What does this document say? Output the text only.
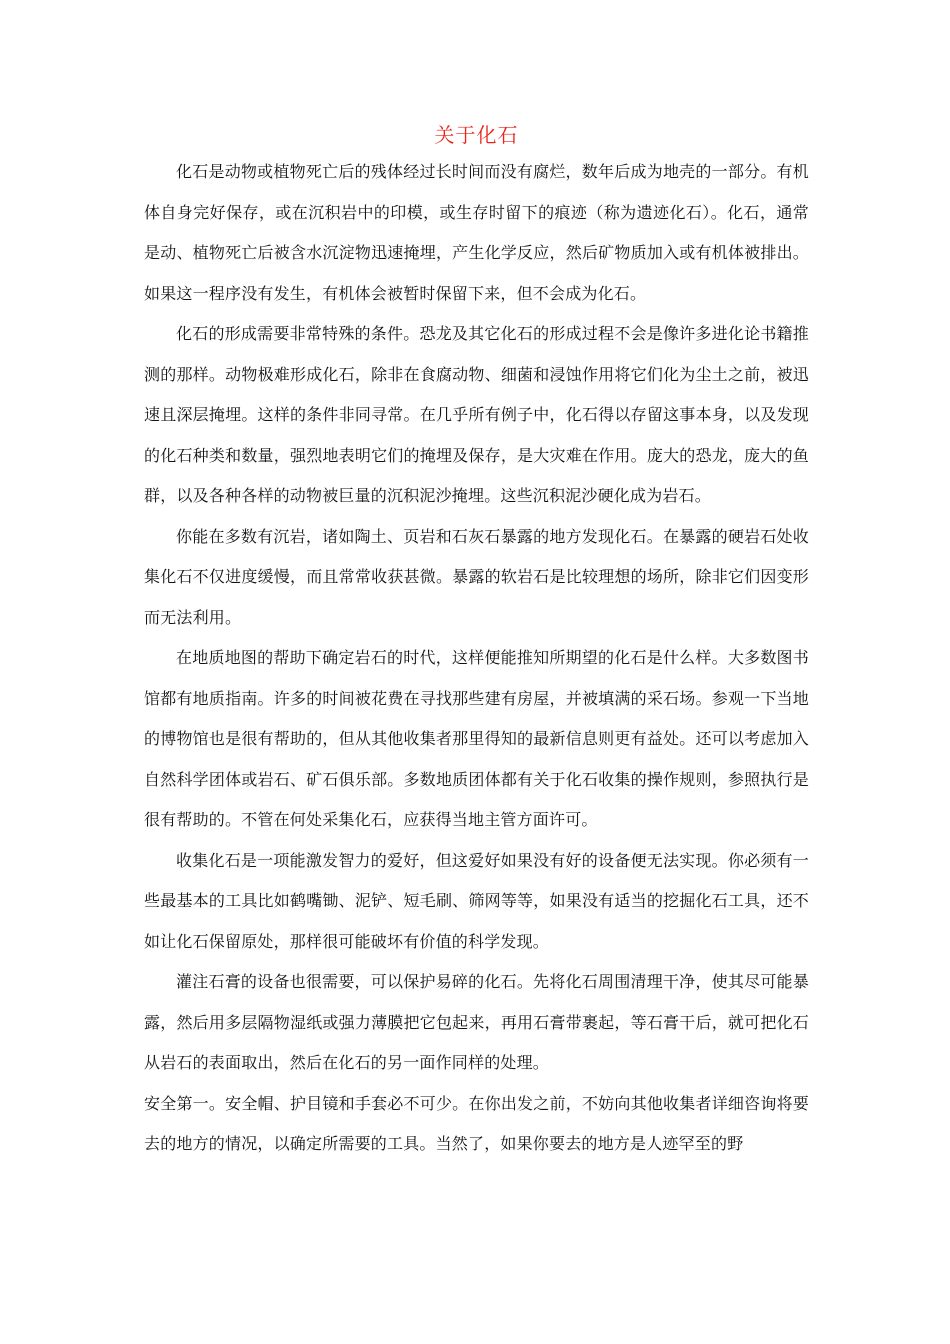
关于化石

化石是动物或植物死亡后的残体经过长时间而没有腐烂，数年后成为地壳的一部分。有机体自身完好保存，或在沉积岩中的印模，或生存时留下的痕迹（称为遗迹化石）。化石，通常是动、植物死亡后被含水沉淀物迅速掩埋，产生化学反应，然后矿物质加入或有机体被排出。如果这一程序没有发生，有机体会被暂时保留下来，但不会成为化石。

化石的形成需要非常特殊的条件。恐龙及其它化石的形成过程不会是像许多进化论书籍推测的那样。动物极难形成化石，除非在食腐动物、细菌和浸蚀作用将它们化为尘土之前，被迅速且深层掩埋。这样的条件非同寻常。在几乎所有例子中，化石得以存留这事本身，以及发现的化石种类和数量，强烈地表明它们的掩埋及保存，是大灾难在作用。庞大的恐龙，庞大的鱼群，以及各种各样的动物被巨量的沉积泥沙掩埋。这些沉积泥沙硬化成为岩石。

你能在多数有沉岩，诸如陶土、页岩和石灰石暴露的地方发现化石。在暴露的硬岩石处收集化石不仅进度缓慢，而且常常收获甚微。暴露的软岩石是比较理想的场所，除非它们因变形而无法利用。

在地质地图的帮助下确定岩石的时代，这样便能推知所期望的化石是什么样。大多数图书馆都有地质指南。许多的时间被花费在寻找那些建有房屋，并被填满的采石场。参观一下当地的博物馆也是很有帮助的，但从其他收集者那里得知的最新信息则更有益处。还可以考虑加入自然科学团体或岩石、矿石俱乐部。多数地质团体都有关于化石收集的操作规则，参照执行是很有帮助的。不管在何处采集化石，应获得当地主管方面许可。

收集化石是一项能激发智力的爱好，但这爱好如果没有好的设备便无法实现。你必须有一些最基本的工具比如鹤嘴锄、泥铲、短毛刷、筛网等等，如果没有适当的挖掘化石工具，还不如让化石保留原处，那样很可能破坏有价值的科学发现。

灌注石膏的设备也很需要，可以保护易碎的化石。先将化石周围清理干净，使其尽可能暴露，然后用多层隔物湿纸或强力薄膜把它包起来，再用石膏带裹起，等石膏干后，就可把化石从岩石的表面取出，然后在化石的另一面作同样的处理。

安全第一。安全帽、护目镜和手套必不可少。在你出发之前，不妨向其他收集者详细咨询将要去的地方的情况，以确定所需要的工具。当然了，如果你要去的地方是人迹罕至的野
